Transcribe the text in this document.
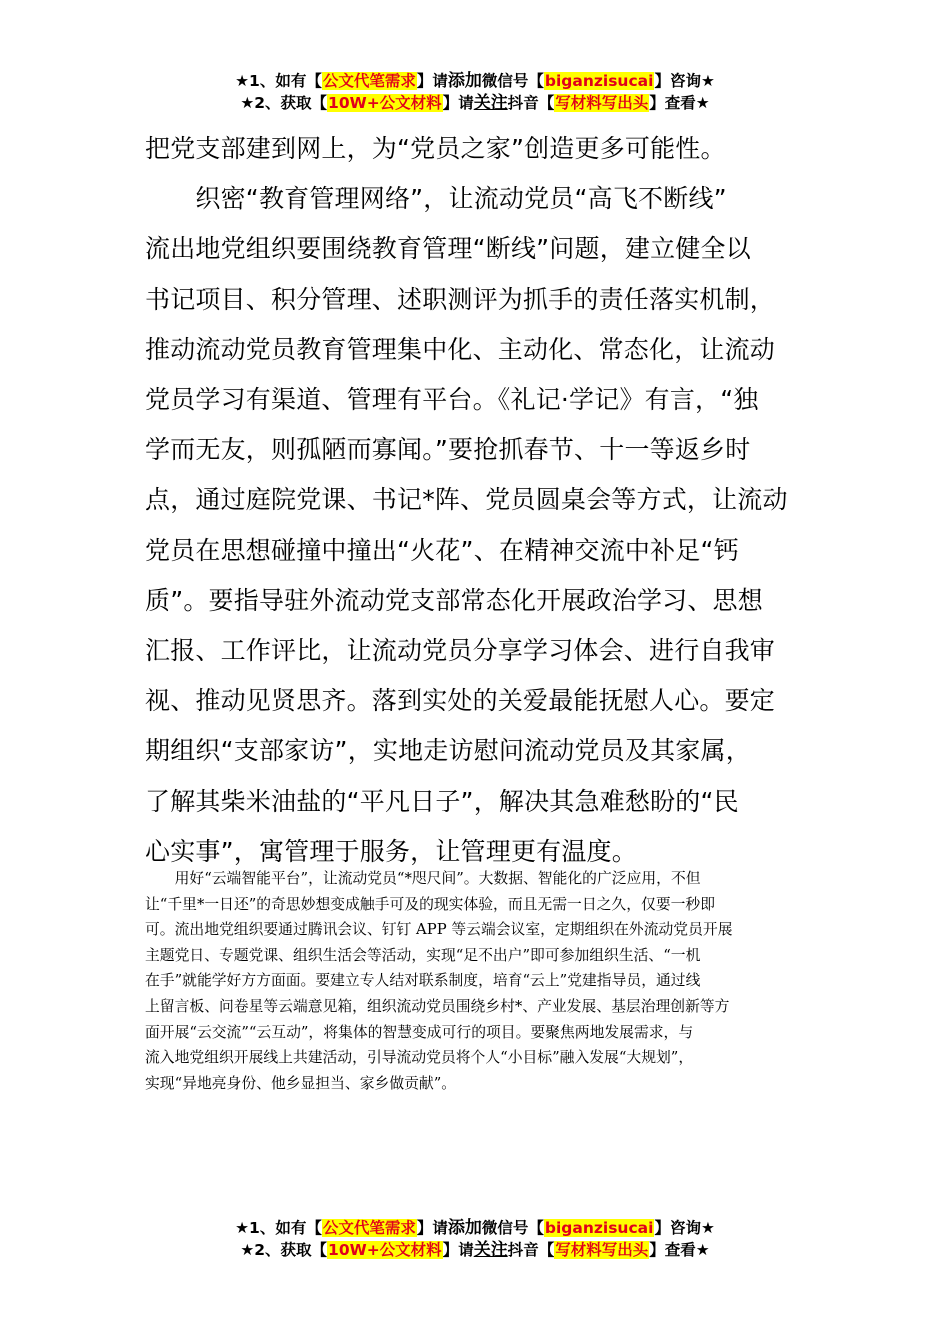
★1、如有【公文代笔需求】请添加微信号【biganzisucai】咨询★
★2、获取【10W+公文材料】请关注抖音【写材料写出头】查看★

把党支部建到网上，为“党员之家”创造更多可能性。

　　织密“教育管理网络”，让流动党员“高飞不断线”

流出地党组织要围绕教育管理“断线”问题，建立健全以

书记项目、积分管理、述职测评为抓手的责任落实机制，

推动流动党员教育管理集中化、主动化、常态化，让流动

党员学习有渠道、管理有平台。《礼记·学记》有言，“独

学而无友，则孤陋而寡闻。”要抢抓春节、十一等返乡时

点，通过庭院党课、书记*阵、党员圆桌会等方式，让流动

党员在思想碰撞中撞出“火花”、在精神交流中补足“钙

质”。要指导驻外流动党支部常态化开展政治学习、思想

汇报、工作评比，让流动党员分享学习体会、进行自我审

视、推动见贤思齐。落到实处的关爱最能抚慰人心。要定

期组织“支部家访”，实地走访慰问流动党员及其家属，

了解其柴米油盐的“平凡日子”，解决其急难愁盼的“民

心实事”，寓管理于服务，让管理更有温度。

　　用好“云端智能平台”，让流动党员“*咫尺间”。大数据、智能化的广泛应用，不但

让“千里*一日还”的奇思妙想变成触手可及的现实体验，而且无需一日之久，仅要一秒即

可。流出地党组织要通过腾讯会议、钉钉 APP 等云端会议室，定期组织在外流动党员开展

主题党日、专题党课、组织生活会等活动，实现“足不出户”即可参加组织生活、“一机

在手”就能学好方方面面。要建立专人结对联系制度，培育“云上”党建指导员，通过线

上留言板、问卷星等云端意见箱，组织流动党员围绕乡村*、产业发展、基层治理创新等方

面开展“云交流”“云互动”，将集体的智慧变成可行的项目。要聚焦两地发展需求，与

流入地党组织开展线上共建活动，引导流动党员将个人“小目标”融入发展“大规划”，

实现“异地亮身份、他乡显担当、家乡做贡献”。

★1、如有【公文代笔需求】请添加微信号【biganzisucai】咨询★
★2、获取【10W+公文材料】请关注抖音【写材料写出头】查看★
